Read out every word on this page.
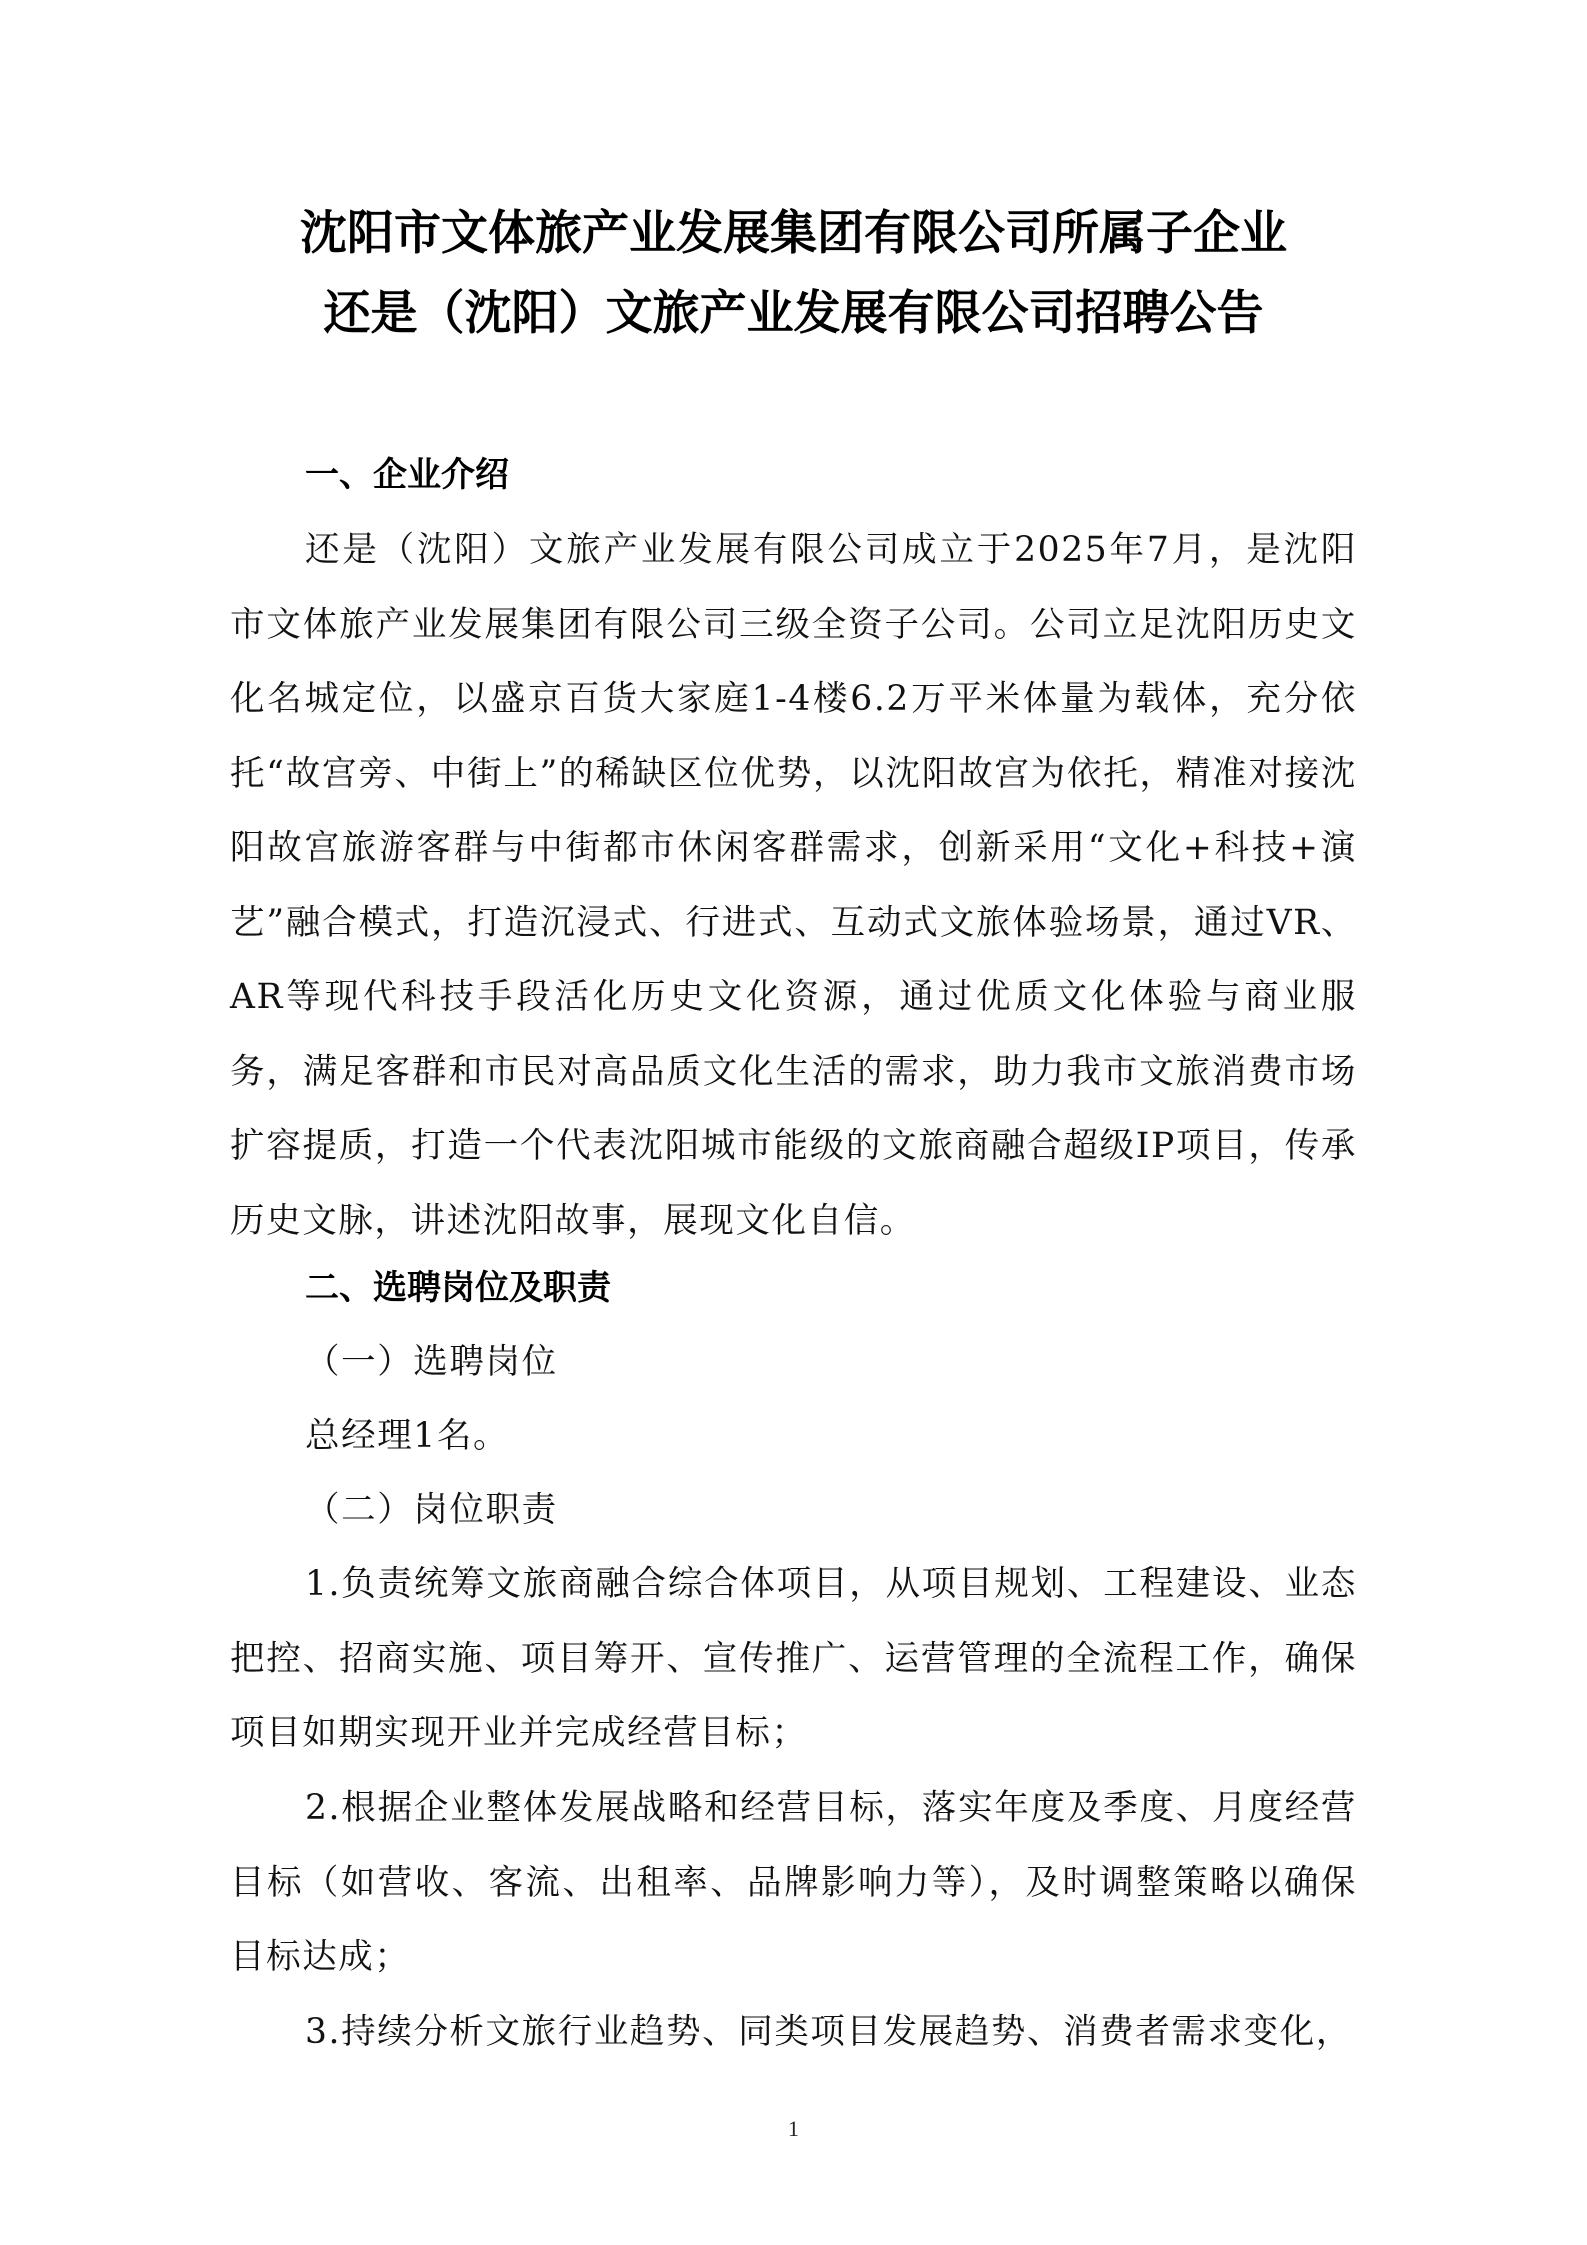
沈阳市文体旅产业发展集团有限公司所属子企业
还是（沈阳）文旅产业发展有限公司招聘公告
一、企业介绍

还是（沈阳）文旅产业发展有限公司成立于2025年7月，是沈阳市文体旅产业发展集团有限公司三级全资子公司。公司立足沈阳历史文化名城定位，以盛京百货大家庭1-4楼6.2万平米体量为载体，充分依托“故宫旁、中街上”的稀缺区位优势，以沈阳故宫为依托，精准对接沈阳故宫旅游客群与中街都市休闲客群需求，创新采用“文化+科技+演艺”融合模式，打造沉浸式、行进式、互动式文旅体验场景，通过VR、AR等现代科技手段活化历史文化资源，通过优质文化体验与商业服务，满足客群和市民对高品质文化生活的需求，助力我市文旅消费市场扩容提质，打造一个代表沈阳城市能级的文旅商融合超级IP项目，传承历史文脉，讲述沈阳故事，展现文化自信。

二、选聘岗位及职责
（一）选聘岗位
总经理1名。
（二）岗位职责

1.负责统筹文旅商融合综合体项目，从项目规划、工程建设、业态把控、招商实施、项目筹开、宣传推广、运营管理的全流程工作，确保项目如期实现开业并完成经营目标；

2.根据企业整体发展战略和经营目标，落实年度及季度、月度经营目标（如营收、客流、出租率、品牌影响力等），及时调整策略以确保目标达成；

3.持续分析文旅行业趋势、同类项目发展趋势、消费者需求变化，

1
